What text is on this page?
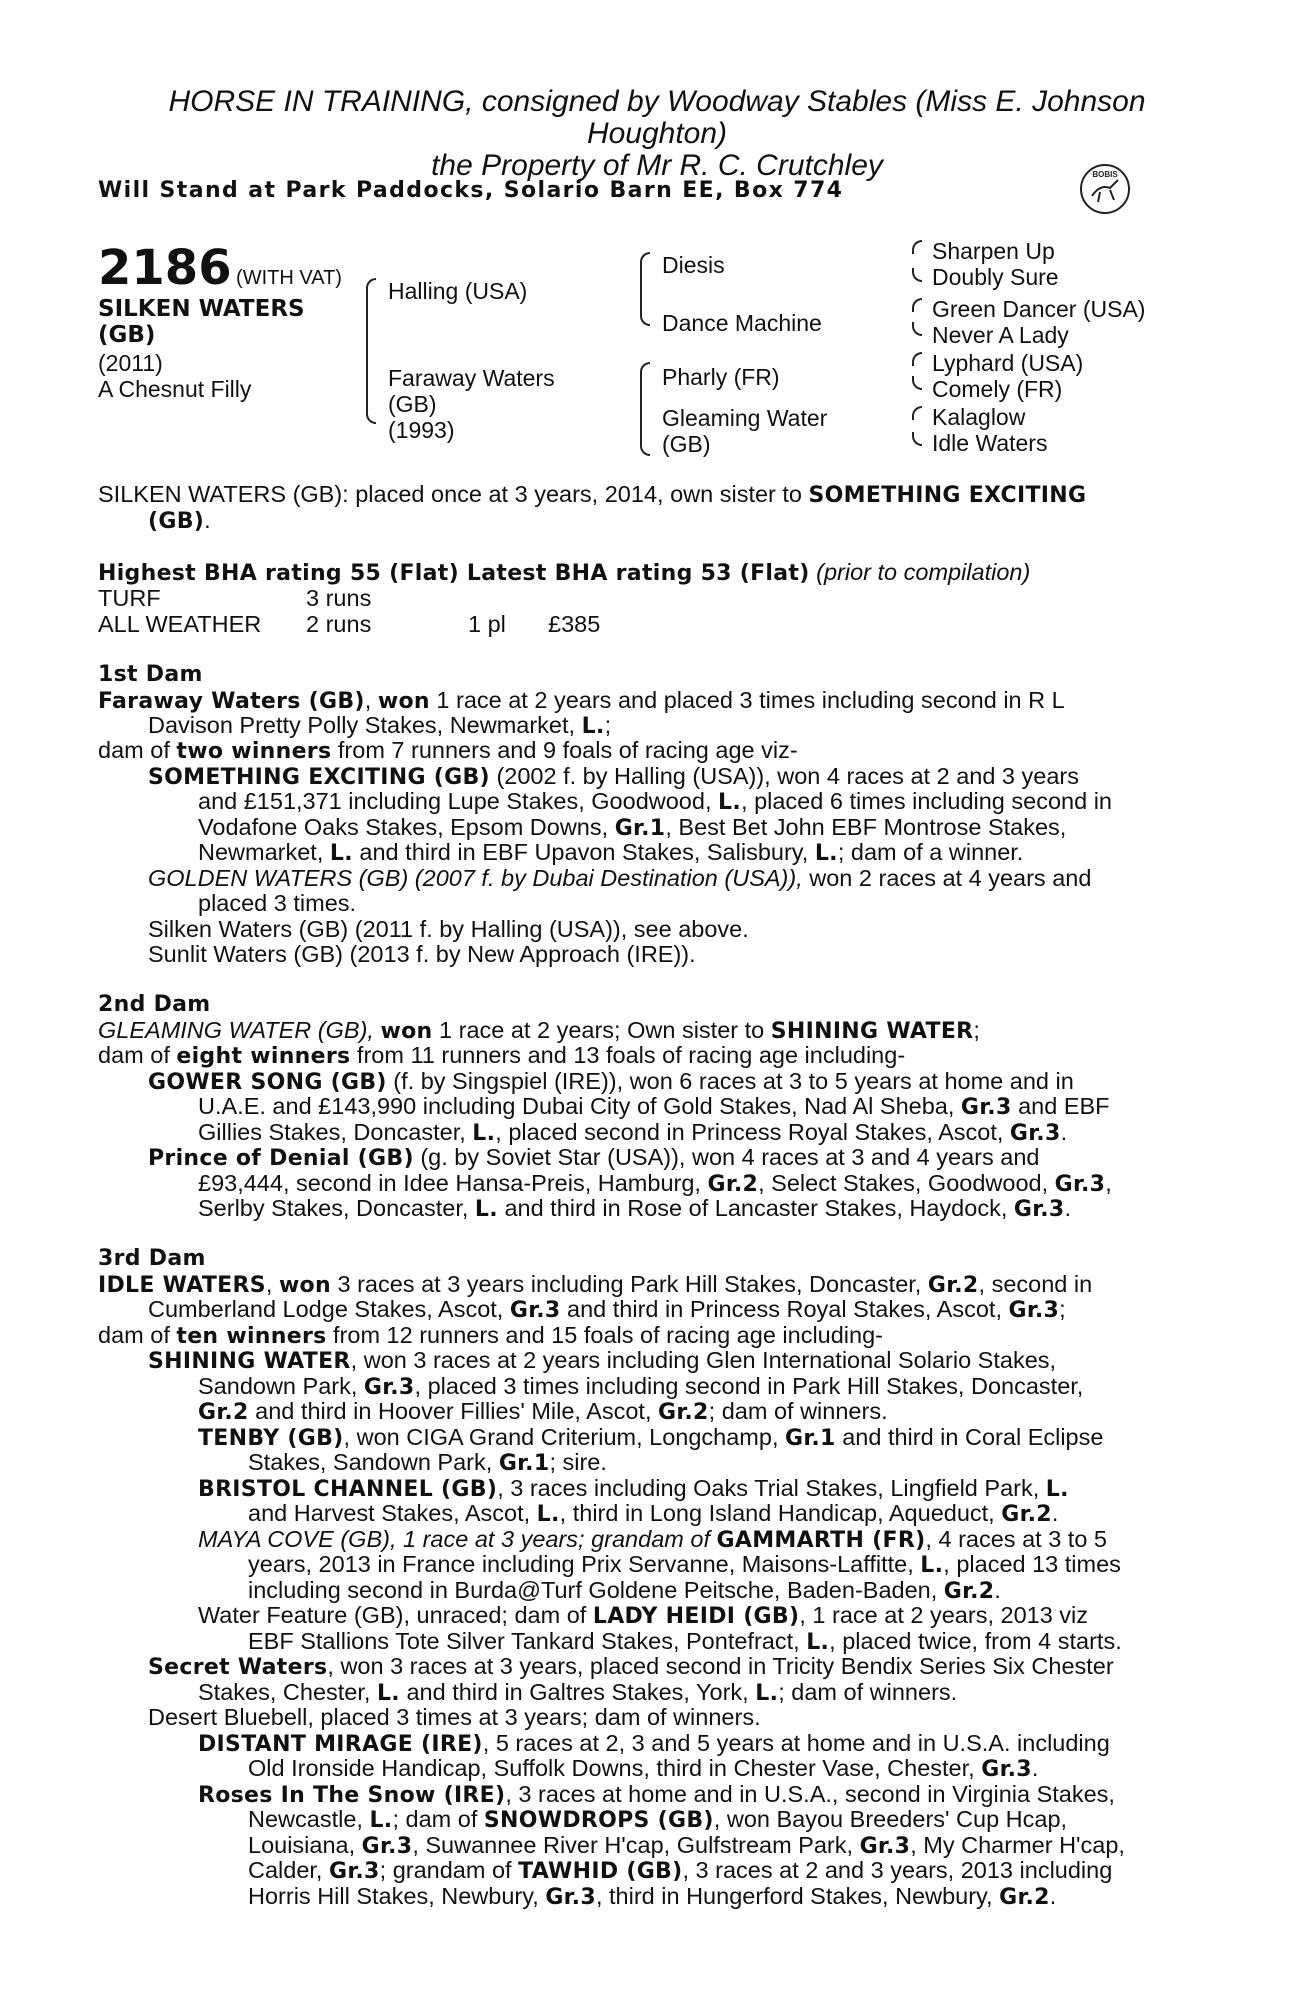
HORSE IN TRAINING, consigned by Woodway Stables (Miss E. Johnson
Houghton)
the Property of Mr R. C. Crutchley
Will Stand at Park Paddocks, Solario Barn EE, Box 774
BOBIS
2186 (WITH VAT)
SILKEN WATERS
(GB)
(2011)
A Chesnut Filly
Halling (USA)
Faraway Waters
(GB)
(1993)
Diesis
Dance Machine
Pharly (FR)
Gleaming Water
(GB)
Sharpen Up
Doubly Sure
Green Dancer (USA)
Never A Lady
Lyphard (USA)
Comely (FR)
Kalaglow
Idle Waters
SILKEN WATERS (GB): placed once at 3 years, 2014, own sister to SOMETHING EXCITING
(GB).
Highest BHA rating 55 (Flat) Latest BHA rating 53 (Flat) (prior to compilation)
TURF	3 runs
ALL WEATHER 2 runs	1 pl £385
1st Dam
Faraway Waters (GB), won 1 race at 2 years and placed 3 times including second in R L
Davison Pretty Polly Stakes, Newmarket, L.;
dam of two winners from 7 runners and 9 foals of racing age viz-
SOMETHING EXCITING (GB) (2002 f. by Halling (USA)), won 4 races at 2 and 3 years
and £151,371 including Lupe Stakes, Goodwood, L., placed 6 times including second in
Vodafone Oaks Stakes, Epsom Downs, Gr.1, Best Bet John EBF Montrose Stakes,
Newmarket, L. and third in EBF Upavon Stakes, Salisbury, L.; dam of a winner.
GOLDEN WATERS (GB) (2007 f. by Dubai Destination (USA)), won 2 races at 4 years and
placed 3 times.
Silken Waters (GB) (2011 f. by Halling (USA)), see above.
Sunlit Waters (GB) (2013 f. by New Approach (IRE)).
2nd Dam
GLEAMING WATER (GB), won 1 race at 2 years; Own sister to SHINING WATER;
dam of eight winners from 11 runners and 13 foals of racing age including-
GOWER SONG (GB) (f. by Singspiel (IRE)), won 6 races at 3 to 5 years at home and in
U.A.E. and £143,990 including Dubai City of Gold Stakes, Nad Al Sheba, Gr.3 and EBF
Gillies Stakes, Doncaster, L., placed second in Princess Royal Stakes, Ascot, Gr.3.
Prince of Denial (GB) (g. by Soviet Star (USA)), won 4 races at 3 and 4 years and
£93,444, second in Idee Hansa-Preis, Hamburg, Gr.2, Select Stakes, Goodwood, Gr.3,
Serlby Stakes, Doncaster, L. and third in Rose of Lancaster Stakes, Haydock, Gr.3.
3rd Dam
IDLE WATERS, won 3 races at 3 years including Park Hill Stakes, Doncaster, Gr.2, second in
Cumberland Lodge Stakes, Ascot, Gr.3 and third in Princess Royal Stakes, Ascot, Gr.3;
dam of ten winners from 12 runners and 15 foals of racing age including-
SHINING WATER, won 3 races at 2 years including Glen International Solario Stakes,
Sandown Park, Gr.3, placed 3 times including second in Park Hill Stakes, Doncaster,
Gr.2 and third in Hoover Fillies' Mile, Ascot, Gr.2; dam of winners.
TENBY (GB), won CIGA Grand Criterium, Longchamp, Gr.1 and third in Coral Eclipse
Stakes, Sandown Park, Gr.1; sire.
BRISTOL CHANNEL (GB), 3 races including Oaks Trial Stakes, Lingfield Park, L.
and Harvest Stakes, Ascot, L., third in Long Island Handicap, Aqueduct, Gr.2.
MAYA COVE (GB), 1 race at 3 years; grandam of GAMMARTH (FR), 4 races at 3 to 5
years, 2013 in France including Prix Servanne, Maisons-Laffitte, L., placed 13 times
including second in Burda@Turf Goldene Peitsche, Baden-Baden, Gr.2.
Water Feature (GB), unraced; dam of LADY HEIDI (GB), 1 race at 2 years, 2013 viz
EBF Stallions Tote Silver Tankard Stakes, Pontefract, L., placed twice, from 4 starts.
Secret Waters, won 3 races at 3 years, placed second in Tricity Bendix Series Six Chester
Stakes, Chester, L. and third in Galtres Stakes, York, L.; dam of winners.
Desert Bluebell, placed 3 times at 3 years; dam of winners.
DISTANT MIRAGE (IRE), 5 races at 2, 3 and 5 years at home and in U.S.A. including
Old Ironside Handicap, Suffolk Downs, third in Chester Vase, Chester, Gr.3.
Roses In The Snow (IRE), 3 races at home and in U.S.A., second in Virginia Stakes,
Newcastle, L.; dam of SNOWDROPS (GB), won Bayou Breeders' Cup Hcap,
Louisiana, Gr.3, Suwannee River H'cap, Gulfstream Park, Gr.3, My Charmer H'cap,
Calder, Gr.3; grandam of TAWHID (GB), 3 races at 2 and 3 years, 2013 including
Horris Hill Stakes, Newbury, Gr.3, third in Hungerford Stakes, Newbury, Gr.2.
